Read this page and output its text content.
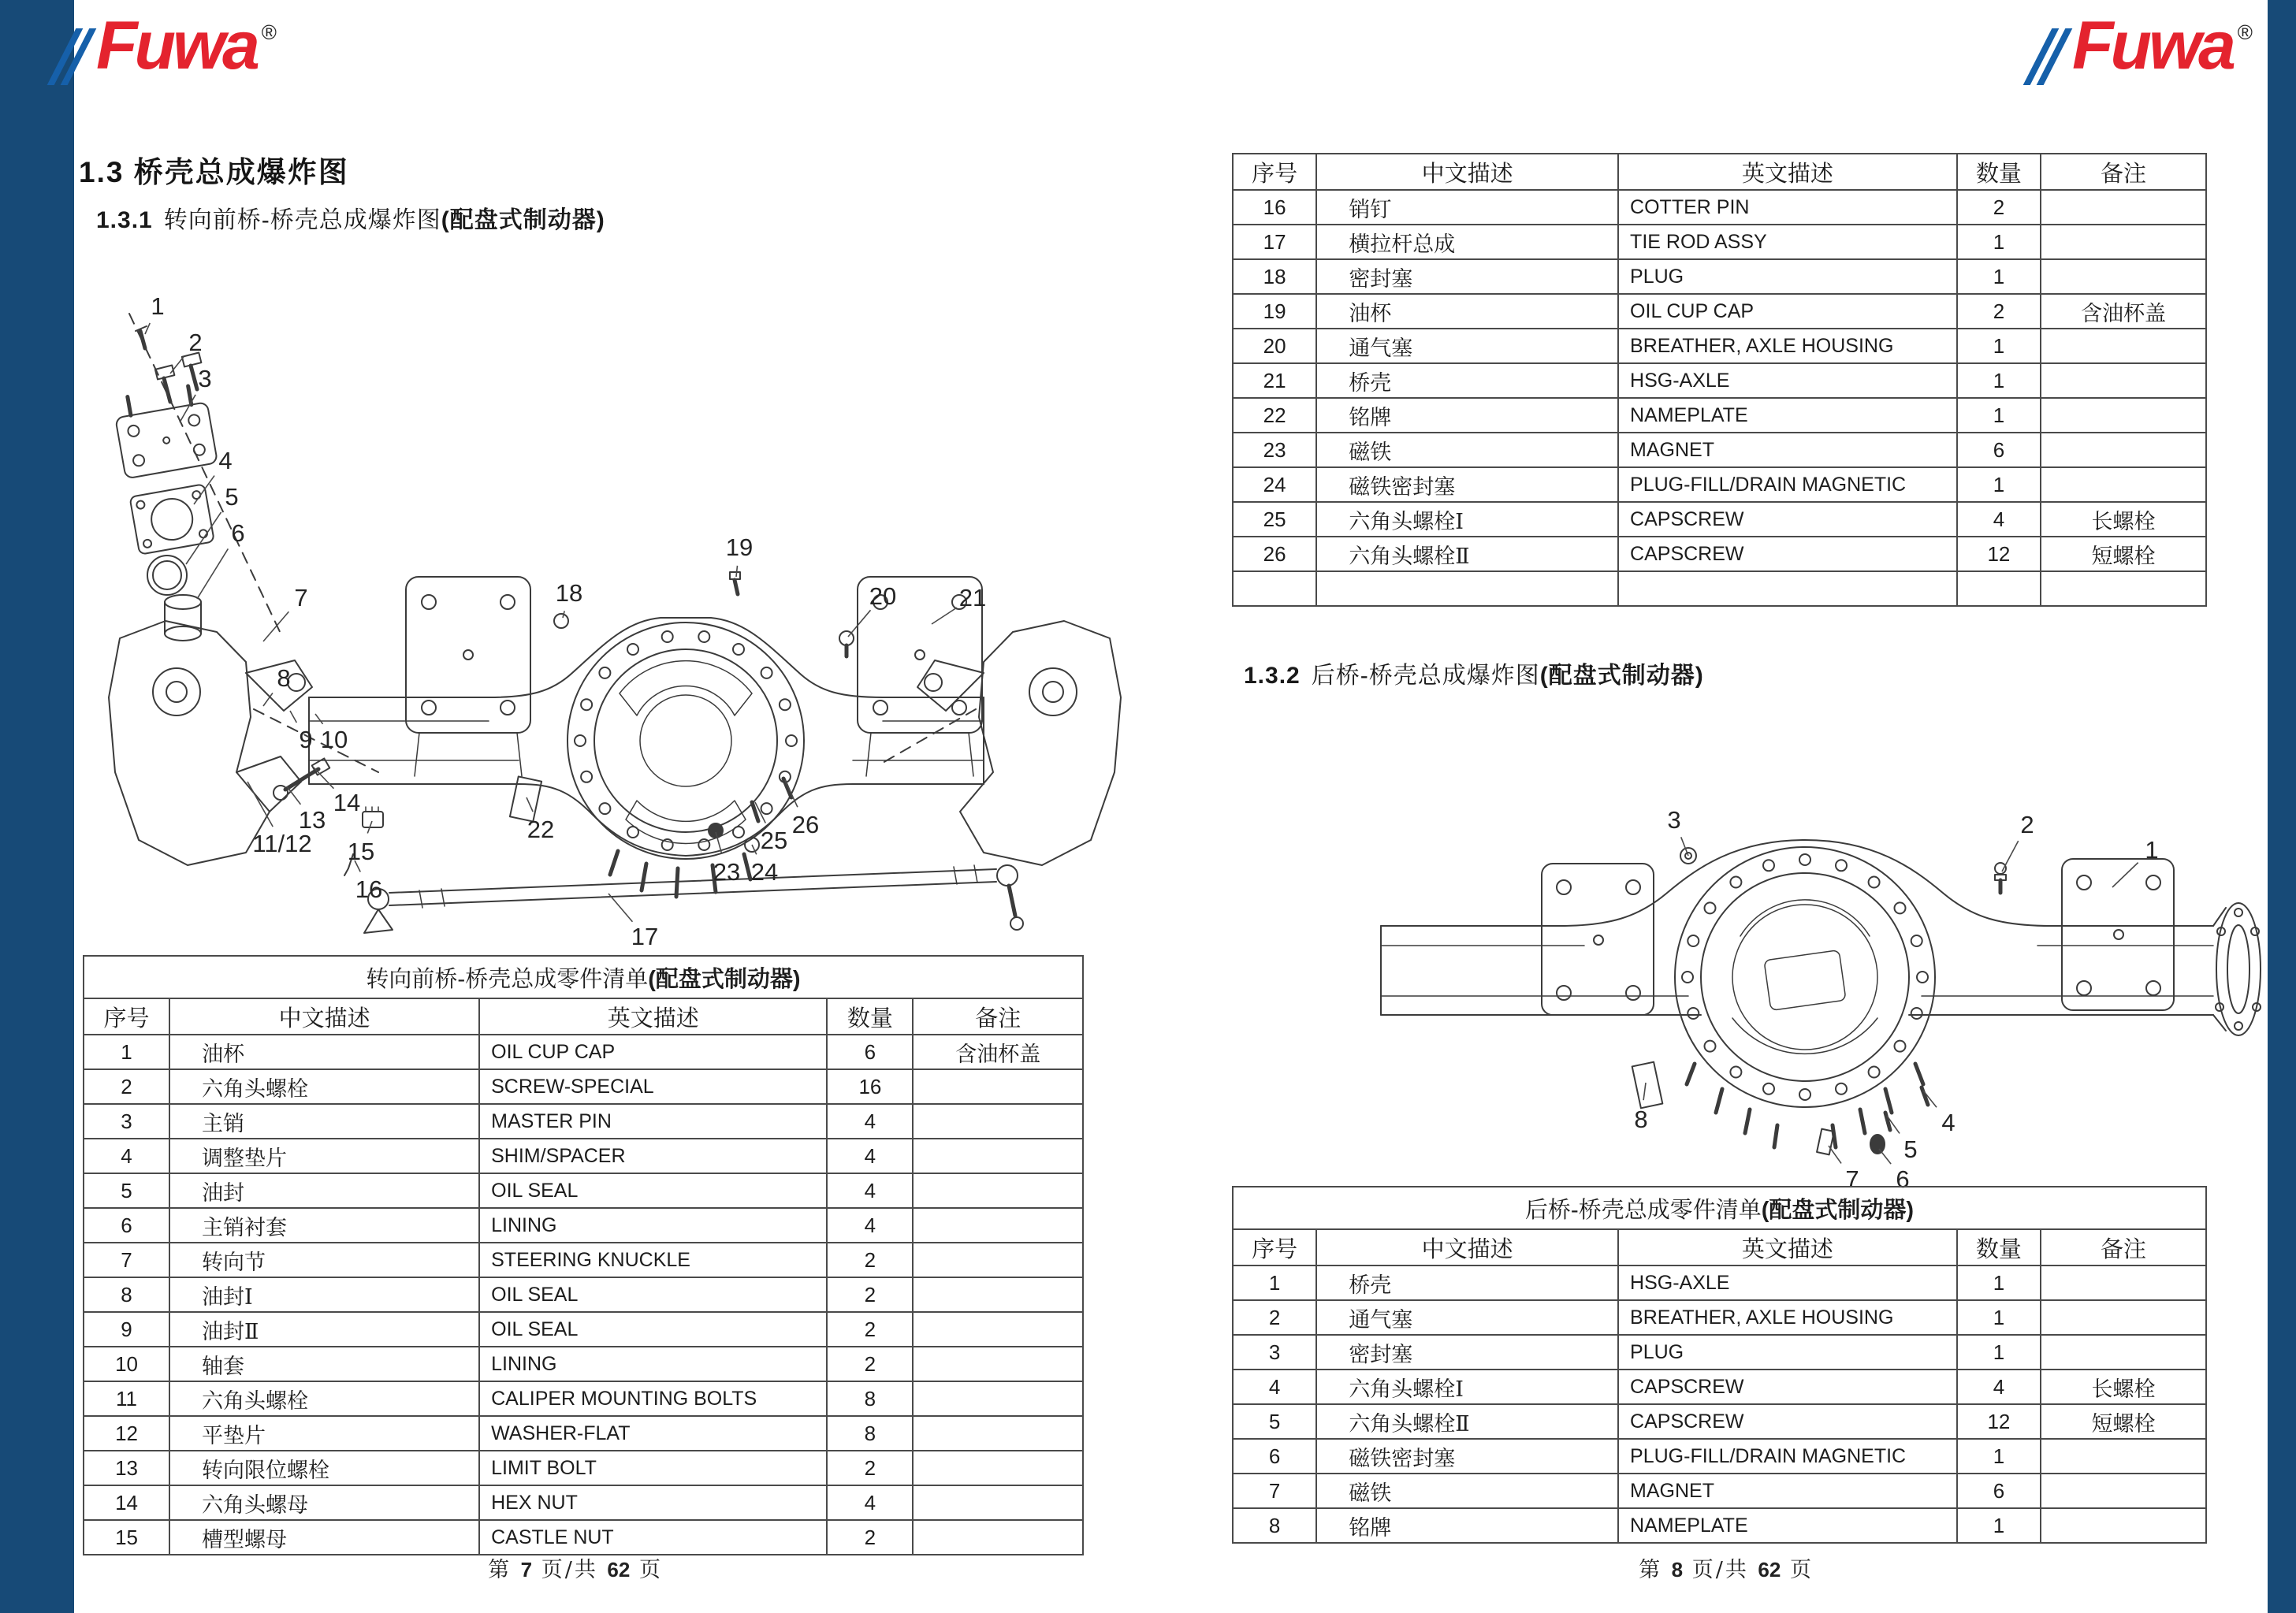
Fuwa ®	Fuwa ®
1.3 桥壳总成爆炸图
1.3.1 转向前桥-桥壳总成爆炸图(配盘式制动器)
1
2
3
4
5
6
7
8
9 10
11/12
13
14
15
16
17
18
19
20	21
22
23 24
25
26
转向前桥-桥壳总成零件清单(配盘式制动器)				
序号	中文描述	英文描述	数量	备注
1	油杯	OIL CUP CAP	6	含油杯盖
2	六角头螺栓	SCREW-SPECIAL	16	
3	主销	MASTER PIN	4	
4	调整垫片	SHIM/SPACER	4	
5	油封	OIL SEAL	4	
6	主销衬套	LINING	4	
7	转向节	STEERING KNUCKLE	2	
8	油封Ⅰ	OIL SEAL	2	
9	油封Ⅱ	OIL SEAL	2	
10	轴套	LINING	2	
11	六角头螺栓	CALIPER MOUNTING BOLTS	8	
12	平垫片	WASHER-FLAT	8	
13	转向限位螺栓	LIMIT BOLT	2	
14	六角头螺母	HEX NUT	4	
15	槽型螺母	CASTLE NUT	2	
第 7 页/共 62 页
序号	中文描述	英文描述	数量	备注
16	销钉	COTTER PIN	2	
17	横拉杆总成	TIE ROD ASSY	1	
18	密封塞	PLUG	1	
19	油杯	OIL CUP CAP	2	含油杯盖
20	通气塞	BREATHER, AXLE HOUSING	1	
21	桥壳	HSG-AXLE	1	
22	铭牌	NAMEPLATE	1	
23	磁铁	MAGNET	6	
24	磁铁密封塞	PLUG-FILL/DRAIN MAGNETIC	1	
25	六角头螺栓Ⅰ	CAPSCREW	4	长螺栓
26	六角头螺栓Ⅱ	CAPSCREW	12	短螺栓

1.3.2 后桥-桥壳总成爆炸图(配盘式制动器)
3	2
1
8
7 6
5
4
后桥-桥壳总成零件清单(配盘式制动器)				
序号	中文描述	英文描述	数量	备注
1	桥壳	HSG-AXLE	1	
2	通气塞	BREATHER, AXLE HOUSING	1	
3	密封塞	PLUG	1	
4	六角头螺栓Ⅰ	CAPSCREW	4	长螺栓
5	六角头螺栓Ⅱ	CAPSCREW	12	短螺栓
6	磁铁密封塞	PLUG-FILL/DRAIN MAGNETIC	1	
7	磁铁	MAGNET	6	
8	铭牌	NAMEPLATE	1	
第 8 页/共 62 页
